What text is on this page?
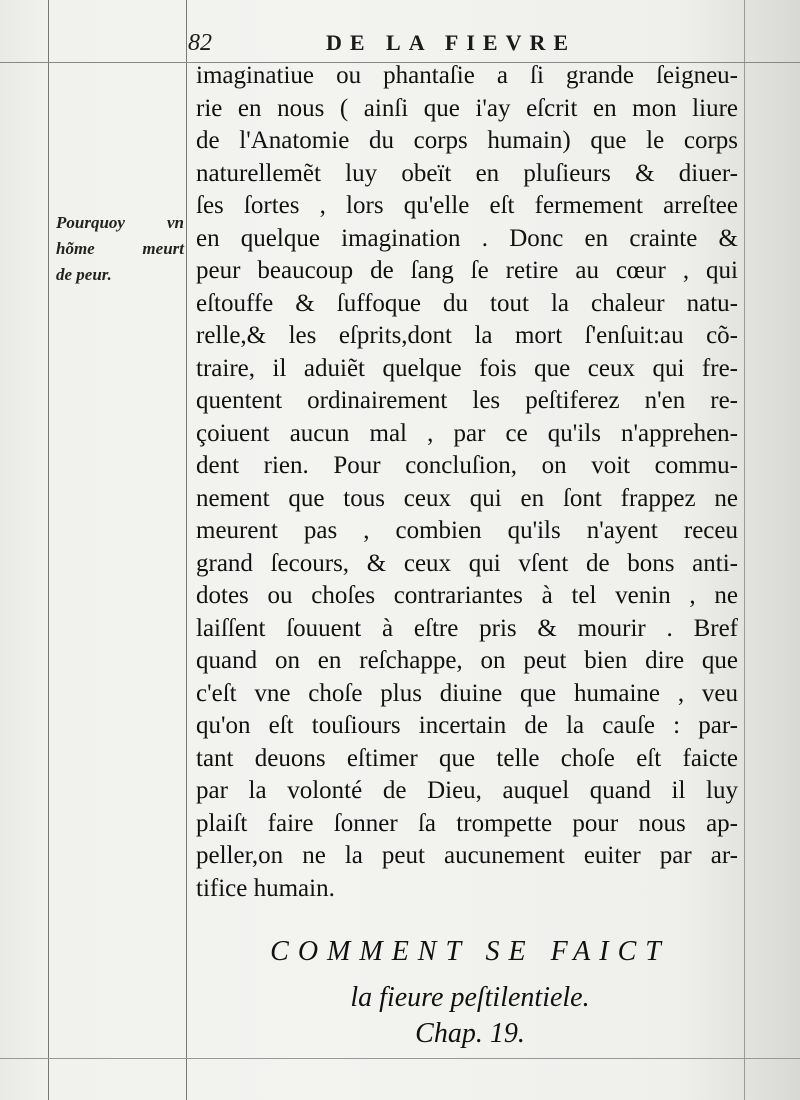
82	DE LA FIEVRE
Pourquoy vn
hõme meurt
de peur.
imaginatiue ou phantaſie a ſi grande ſeigneu-
rie en nous ( ainſi que i'ay eſcrit en mon liure
de l'Anatomie du corps humain) que le corps
naturellemẽt luy obeït en pluſieurs & diuer-
ſes ſortes , lors qu'elle eſt fermement arreſtee
en quelque imagination . Donc en crainte &
peur beaucoup de ſang ſe retire au cœur , qui
eſtouffe & ſuffoque du tout la chaleur natu-
relle,& les eſprits,dont la mort ſ'enſuit:au cõ-
traire, il aduiẽt quelque fois que ceux qui fre-
quentent ordinairement les peſtiferez n'en re-
çoiuent aucun mal , par ce qu'ils n'apprehen-
dent rien. Pour concluſion, on voit commu-
nement que tous ceux qui en ſont frappez ne
meurent pas , combien qu'ils n'ayent receu
grand ſecours, & ceux qui vſent de bons anti-
dotes ou choſes contrariantes à tel venin , ne
laiſſent ſouuent à eſtre pris & mourir . Bref
quand on en reſchappe, on peut bien dire que
c'eſt vne choſe plus diuine que humaine , veu
qu'on eſt touſiours incertain de la cauſe : par-
tant deuons eſtimer que telle choſe eſt faicte
par la volonté de Dieu, auquel quand il luy
plaiſt faire ſonner ſa trompette pour nous ap-
peller,on ne la peut aucunement euiter par ar-
tifice humain.
COMMENT SE FAICT
la fieure peſtilentiele.
Chap. 19.
